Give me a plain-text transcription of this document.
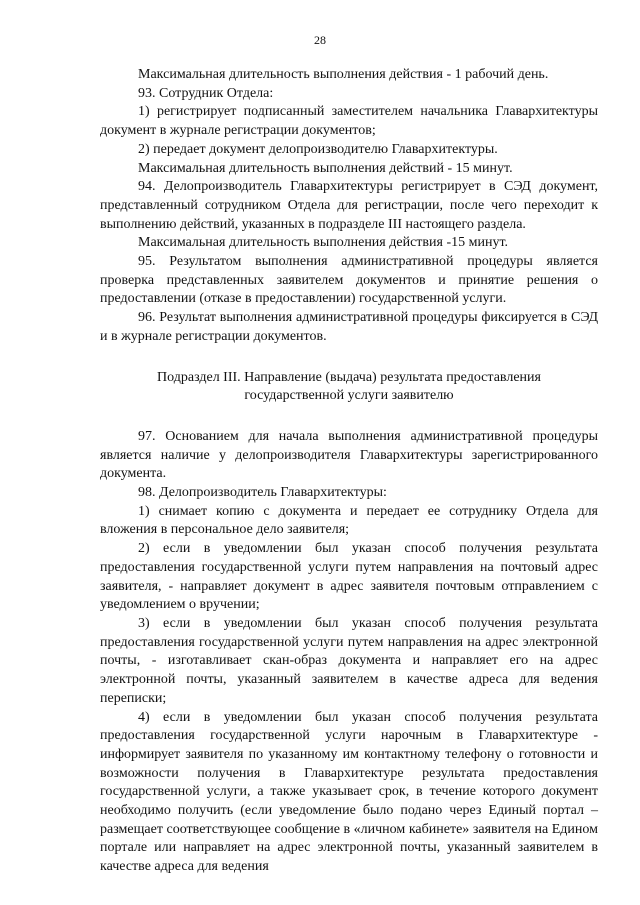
28

Максимальная длительность выполнения действия - 1 рабочий день.

93. Сотрудник Отдела:

1) регистрирует подписанный заместителем начальника Главархитектуры документ в журнале регистрации документов;

2) передает документ делопроизводителю Главархитектуры.

Максимальная длительность выполнения действий - 15 минут.

94. Делопроизводитель Главархитектуры регистрирует в СЭД документ, представленный сотрудником Отдела для регистрации, после чего переходит к выполнению действий, указанных в подразделе III настоящего раздела.

Максимальная длительность выполнения действия -15 минут.

95. Результатом выполнения административной процедуры является проверка представленных заявителем документов и принятие решения о предоставлении (отказе в предоставлении) государственной услуги.

96. Результат выполнения административной процедуры фиксируется в СЭД и в журнале регистрации документов.

Подраздел III. Направление (выдача) результата предоставления
государственной услуги заявителю

97. Основанием для начала выполнения административной процедуры является наличие у делопроизводителя Главархитектуры зарегистрированного документа.

98. Делопроизводитель Главархитектуры:

1) снимает копию с документа и передает ее сотруднику Отдела для вложения в персональное дело заявителя;

2) если в уведомлении был указан способ получения результата предоставления государственной услуги путем направления на почтовый адрес заявителя, - направляет документ в адрес заявителя почтовым отправлением с уведомлением о вручении;

3) если в уведомлении был указан способ получения результата предоставления государственной услуги путем направления на адрес электронной почты, - изготавливает скан-образ документа и направляет его на адрес электронной почты, указанный заявителем в качестве адреса для ведения переписки;

4) если в уведомлении был указан способ получения результата предоставления государственной услуги нарочным в Главархитектуре - информирует заявителя по указанному им контактному телефону о готовности и возможности получения в Главархитектуре результата предоставления государственной услуги, а также указывает срок, в течение которого документ необходимо получить (если уведомление было подано через Единый портал – размещает соответствующее сообщение в «личном кабинете» заявителя на Едином портале или направляет на адрес электронной почты, указанный заявителем в качестве адреса для ведения
